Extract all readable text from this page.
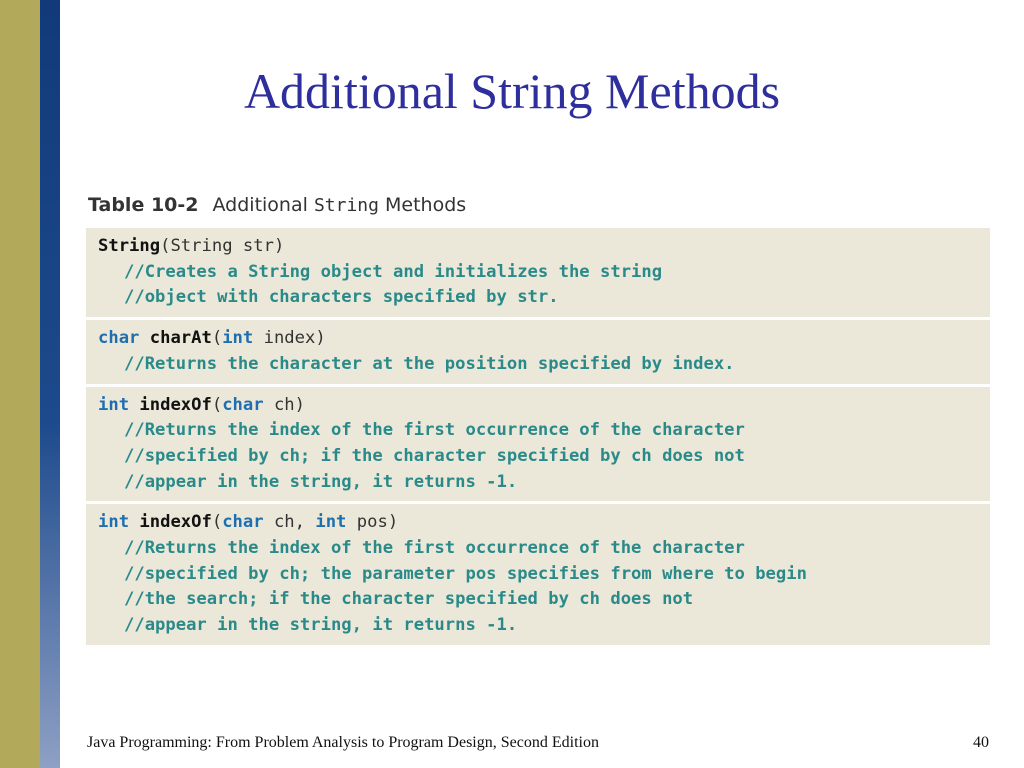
Additional String Methods
Table 10-2 Additional String Methods
String(String str)
//Creates a String object and initializes the string
//object with characters specified by str.
char charAt(int index)
//Returns the character at the position specified by index.
int indexOf(char ch)
//Returns the index of the first occurrence of the character
//specified by ch; if the character specified by ch does not
//appear in the string, it returns -1.
int indexOf(char ch, int pos)
//Returns the index of the first occurrence of the character
//specified by ch; the parameter pos specifies from where to begin
//the search; if the character specified by ch does not
//appear in the string, it returns -1.
Java Programming: From Problem Analysis to Program Design, Second Edition	40
